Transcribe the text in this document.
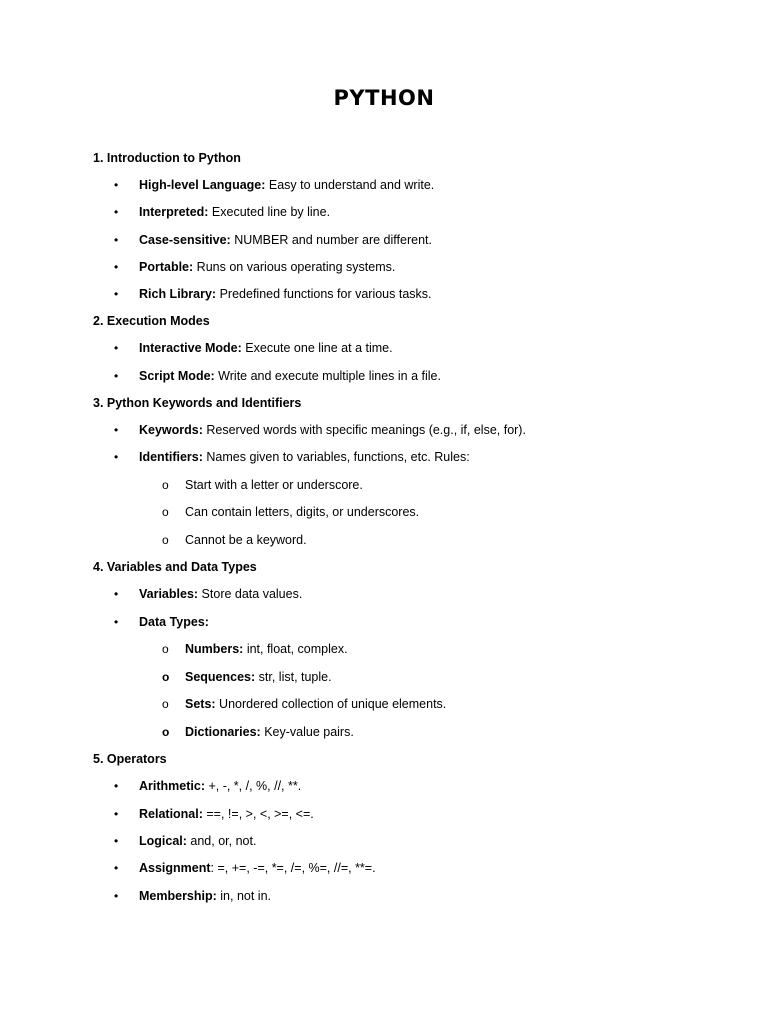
PYTHON
1. Introduction to Python
• High-level Language: Easy to understand and write.
• Interpreted: Executed line by line.
• Case-sensitive: NUMBER and number are different.
• Portable: Runs on various operating systems.
• Rich Library: Predefined functions for various tasks.
2. Execution Modes
• Interactive Mode: Execute one line at a time.
• Script Mode: Write and execute multiple lines in a file.
3. Python Keywords and Identifiers
• Keywords: Reserved words with specific meanings (e.g., if, else, for).
• Identifiers: Names given to variables, functions, etc. Rules:
o Start with a letter or underscore.
o Can contain letters, digits, or underscores.
o Cannot be a keyword.
4. Variables and Data Types
• Variables: Store data values.
• Data Types:
o Numbers: int, float, complex.
o Sequences: str, list, tuple.
o Sets: Unordered collection of unique elements.
o Dictionaries: Key-value pairs.
5. Operators
• Arithmetic: +, -, *, /, %, //, **.
• Relational: ==, !=, >, <, >=, <=.
• Logical: and, or, not.
• Assignment: =, +=, -=, *=, /=, %=, //=, **=.
• Membership: in, not in.
